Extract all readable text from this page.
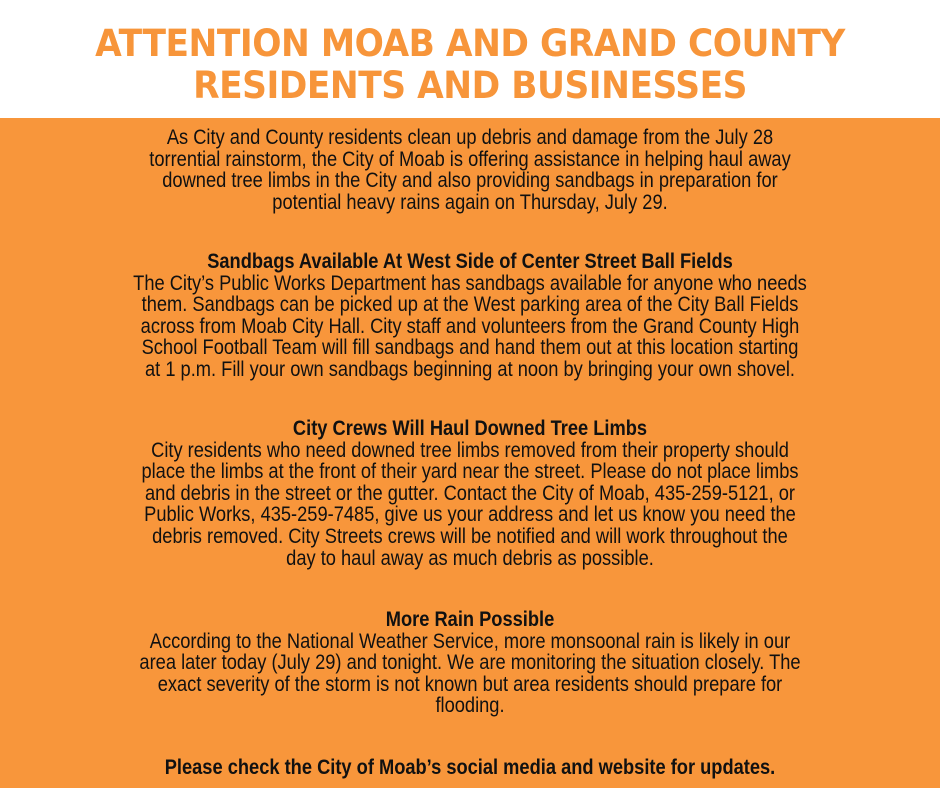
ATTENTION MOAB AND GRAND COUNTY
RESIDENTS AND BUSINESSES
As City and County residents clean up debris and damage from the July 28
torrential rainstorm, the City of Moab is offering assistance in helping haul away
downed tree limbs in the City and also providing sandbags in preparation for
potential heavy rains again on Thursday, July 29.
Sandbags Available At West Side of Center Street Ball Fields
The City’s Public Works Department has sandbags available for anyone who needs
them. Sandbags can be picked up at the West parking area of the City Ball Fields
across from Moab City Hall. City staff and volunteers from the Grand County High
School Football Team will fill sandbags and hand them out at this location starting
at 1 p.m. Fill your own sandbags beginning at noon by bringing your own shovel.
City Crews Will Haul Downed Tree Limbs
City residents who need downed tree limbs removed from their property should
place the limbs at the front of their yard near the street. Please do not place limbs
and debris in the street or the gutter. Contact the City of Moab, 435-259-5121, or
Public Works, 435-259-7485, give us your address and let us know you need the
debris removed. City Streets crews will be notified and will work throughout the
day to haul away as much debris as possible.
More Rain Possible
According to the National Weather Service, more monsoonal rain is likely in our
area later today (July 29) and tonight. We are monitoring the situation closely. The
exact severity of the storm is not known but area residents should prepare for
flooding.
Please check the City of Moab’s social media and website for updates.
